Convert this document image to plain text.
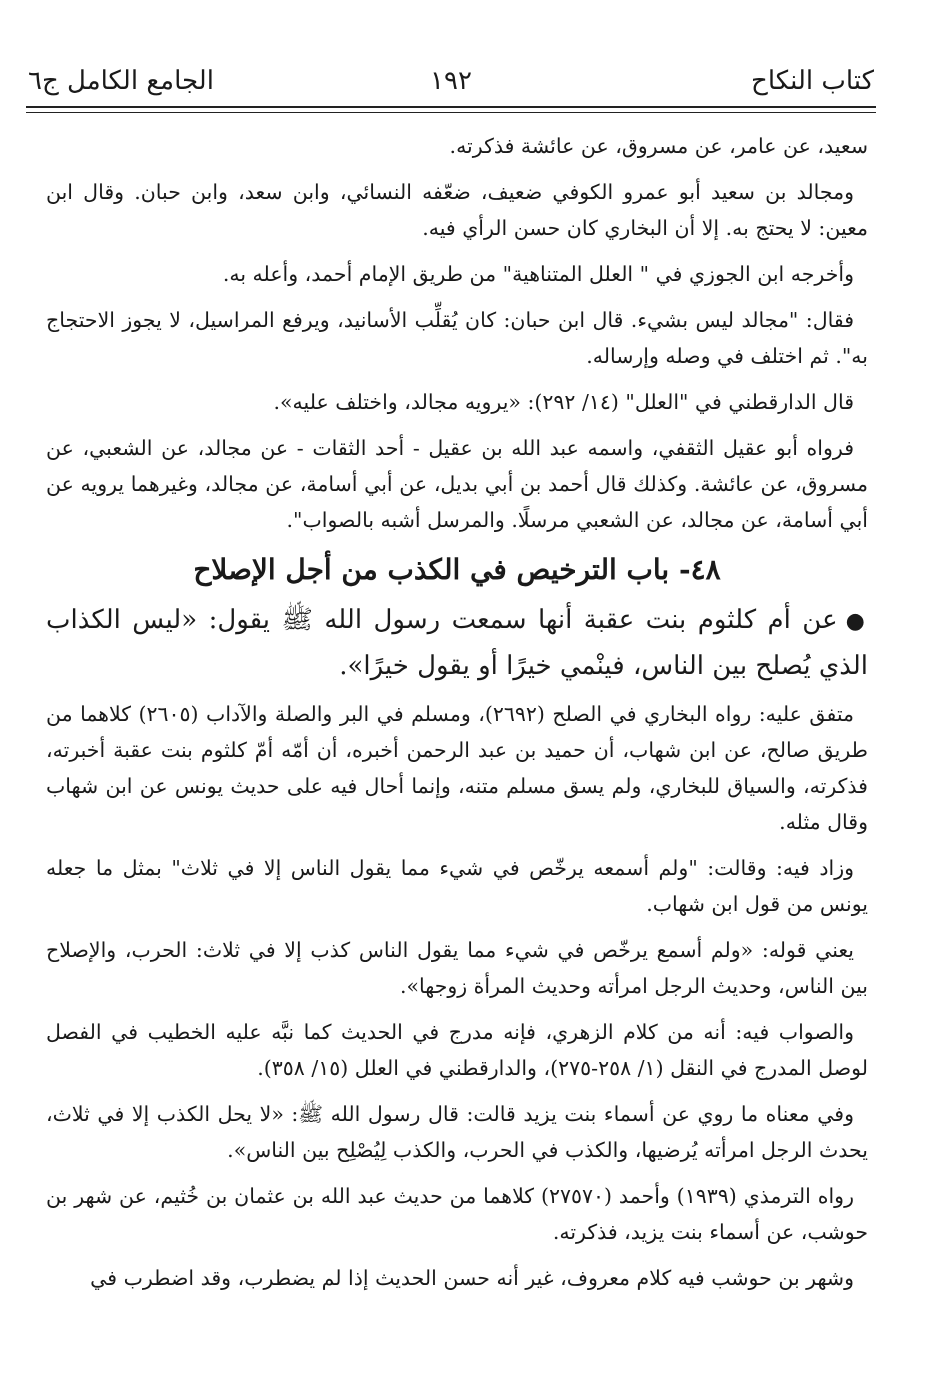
كتاب النكاح
١٩٢
الجامع الكامل ج٦

سعيد، عن عامر، عن مسروق، عن عائشة فذكرته.

ومجالد بن سعيد أبو عمرو الكوفي ضعيف، ضعّفه النسائي، وابن سعد، وابن حبان. وقال ابن معين: لا يحتج به. إلا أن البخاري كان حسن الرأي فيه.

وأخرجه ابن الجوزي في " العلل المتناهية" من طريق الإمام أحمد، وأعله به.

فقال: "مجالد ليس بشيء. قال ابن حبان: كان يُقلِّب الأسانيد، ويرفع المراسيل، لا يجوز الاحتجاج به". ثم اختلف في وصله وإرساله.

قال الدارقطني في "العلل" (١٤/ ٢٩٢): «يرويه مجالد، واختلف عليه».

فرواه أبو عقيل الثقفي، واسمه عبد الله بن عقيل - أحد الثقات - عن مجالد، عن الشعبي، عن مسروق، عن عائشة. وكذلك قال أحمد بن أبي بديل، عن أبي أسامة، عن مجالد، وغيرهما يرويه عن أبي أسامة، عن مجالد، عن الشعبي مرسلًا. والمرسل أشبه بالصواب".

٤٨- باب الترخيص في الكذب من أجل الإصلاح

●عن أم كلثوم بنت عقبة أنها سمعت رسول الله ﷺ يقول: «ليس الكذاب الذي يُصلح بين الناس، فينْمي خيرًا أو يقول خيرًا».

متفق عليه: رواه البخاري في الصلح (٢٦٩٢)، ومسلم في البر والصلة والآداب (٢٦٠٥) كلاهما من طريق صالح، عن ابن شهاب، أن حميد بن عبد الرحمن أخبره، أن أمّه أمّ كلثوم بنت عقبة أخبرته، فذكرته، والسياق للبخاري، ولم يسق مسلم متنه، وإنما أحال فيه على حديث يونس عن ابن شهاب وقال مثله.

وزاد فيه: وقالت: "ولم أسمعه يرخّص في شيء مما يقول الناس إلا في ثلاث" بمثل ما جعله يونس من قول ابن شهاب.

يعني قوله: «ولم أسمع يرخّص في شيء مما يقول الناس كذب إلا في ثلاث: الحرب، والإصلاح بين الناس، وحديث الرجل امرأته وحديث المرأة زوجها».

والصواب فيه: أنه من كلام الزهري، فإنه مدرج في الحديث كما نبَّه عليه الخطيب في الفصل لوصل المدرج في النقل (١/ ٢٥٨-٢٧٥)، والدارقطني في العلل (١٥/ ٣٥٨).

وفي معناه ما روي عن أسماء بنت يزيد قالت: قال رسول الله ﷺ: «لا يحل الكذب إلا في ثلاث، يحدث الرجل امرأته يُرضيها، والكذب في الحرب، والكذب لِيُصْلِح بين الناس».

رواه الترمذي (١٩٣٩) وأحمد (٢٧٥٧٠) كلاهما من حديث عبد الله بن عثمان بن خُثيم، عن شهر بن حوشب، عن أسماء بنت يزيد، فذكرته.

وشهر بن حوشب فيه كلام معروف، غير أنه حسن الحديث إذا لم يضطرب، وقد اضطرب في
